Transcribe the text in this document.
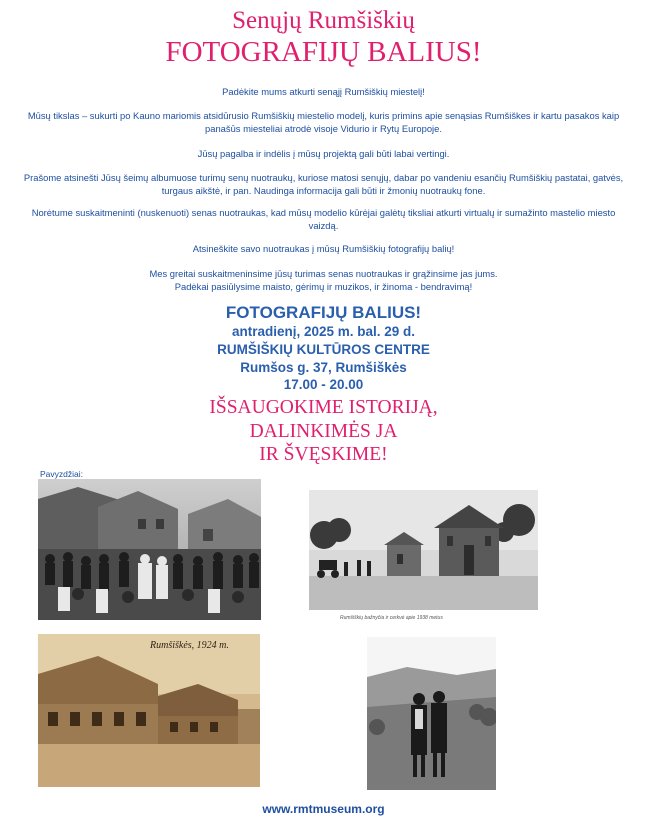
Senųjų Rumšiškių
FOTOGRAFIJŲ BALIUS!
Padėkite mums atkurti senąjį Rumšiškių miestelį!
Mūsų tikslas – sukurti po Kauno mariomis atsidūrusio Rumšiškių miestelio modelį, kuris primins apie senąsias Rumšiškes ir kartu pasakos kaip panašūs miesteliai atrodė visoje Vidurio ir Rytų Europoje.
Jūsų pagalba ir indėlis į mūsų projektą gali būti labai vertingi.
Prašome atsinešti Jūsų šeimų albumuose turimų senų nuotraukų, kuriose matosi senųjų, dabar po vandeniu esančių Rumšiškių pastatai, gatvės, turgaus aikštė, ir pan. Naudinga informacija gali būti ir žmonių nuotraukų fone.
Norėtume suskaitmeninti (nuskenuoti) senas nuotraukas, kad mūsų modelio kūrėjai galėtų tiksliai atkurti virtualų ir sumažinto mastelio miesto vaizdą.
Atsineškite savo nuotraukas į mūsų Rumšiškių fotografijų balių!
Mes greitai suskaitmeninsime jūsų turimas senas nuotraukas ir grąžinsime jas jums.
Padėkai pasiūlysime maisto, gėrimų ir muzikos, ir žinoma - bendravimą!
FOTOGRAFIJŲ BALIUS!
antradienį, 2025 m. bal. 29 d.
RUMŠIŠKIŲ KULTŪROS CENTRE
Rumšos g. 37, Rumšiškės
17.00 - 20.00
IŠSAUGOKIME ISTORIJĄ,
DALINKIMĖS JA
IR ŠVĘSKIME!
Pavyzdžiai:
Rumšiškių bažnyčia ir cerkvė apie 1938 metus
Rumšiškės, 1924 m.
www.rmtmuseum.org
